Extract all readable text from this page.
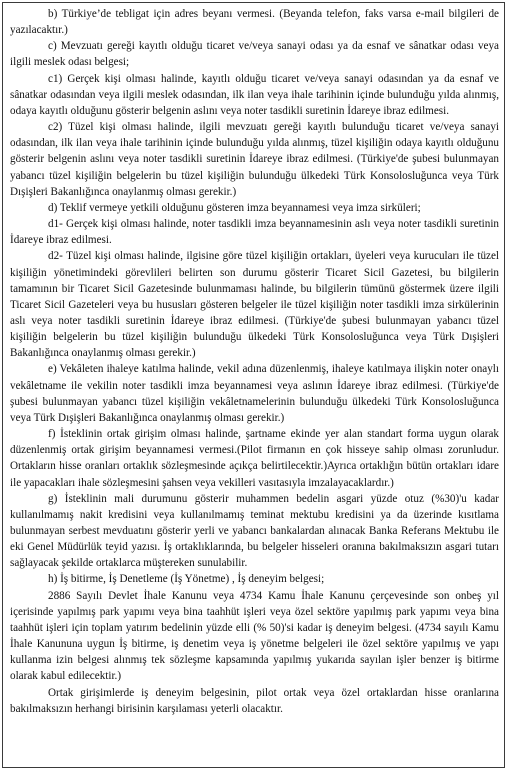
b) Türkiye’de tebligat için adres beyanı vermesi. (Beyanda telefon, faks varsa e-mail bilgileri de yazılacaktır.)

c) Mevzuatı gereği kayıtlı olduğu ticaret ve/veya sanayi odası ya da esnaf ve sânatkar odası veya ilgili meslek odası belgesi;

c1) Gerçek kişi olması halinde, kayıtlı olduğu ticaret ve/veya sanayi odasından ya da esnaf ve sânatkar odasından veya ilgili meslek odasından, ilk ilan veya ihale tarihinin içinde bulunduğu yılda alınmış, odaya kayıtlı olduğunu gösterir belgenin aslını veya noter tasdikli suretinin İdareye ibraz edilmesi.

c2) Tüzel kişi olması halinde, ilgili mevzuatı gereği kayıtlı bulunduğu ticaret ve/veya sanayi odasından, ilk ilan veya ihale tarihinin içinde bulunduğu yılda alınmış, tüzel kişiliğin odaya kayıtlı olduğunu gösterir belgenin aslını veya noter tasdikli suretinin İdareye ibraz edilmesi. (Türkiye'de şubesi bulunmayan yabancı tüzel kişiliğin belgelerin bu tüzel kişiliğin bulunduğu ülkedeki Türk Konsolosluğunca veya Türk Dışişleri Bakanlığınca onaylanmış olması gerekir.)

d) Teklif vermeye yetkili olduğunu gösteren imza beyannamesi veya imza sirküleri;

d1- Gerçek kişi olması halinde, noter tasdikli imza beyannamesinin aslı veya noter tasdikli suretinin İdareye ibraz edilmesi.

d2- Tüzel kişi olması halinde, ilgisine göre tüzel kişiliğin ortakları, üyeleri veya kurucuları ile tüzel kişiliğin yönetimindeki görevlileri belirten son durumu gösterir Ticaret Sicil Gazetesi, bu bilgilerin tamamının bir Ticaret Sicil Gazetesinde bulunmaması halinde, bu bilgilerin tümünü göstermek üzere ilgili Ticaret Sicil Gazeteleri veya bu hususları gösteren belgeler ile tüzel kişiliğin noter tasdikli imza sirkülerinin aslı veya noter tasdikli suretinin İdareye ibraz edilmesi. (Türkiye'de şubesi bulunmayan yabancı tüzel kişiliğin belgelerin bu tüzel kişiliğin bulunduğu ülkedeki Türk Konsolosluğunca veya Türk Dışişleri Bakanlığınca onaylanmış olması gerekir.)

e) Vekâleten ihaleye katılma halinde, vekil adına düzenlenmiş, ihaleye katılmaya ilişkin noter onaylı vekâletname ile vekilin noter tasdikli imza beyannamesi veya aslının İdareye ibraz edilmesi. (Türkiye'de şubesi bulunmayan yabancı tüzel kişiliğin vekâletnamelerinin bulunduğu ülkedeki Türk Konsolosluğunca veya Türk Dışişleri Bakanlığınca onaylanmış olması gerekir.)

f) İsteklinin ortak girişim olması halinde, şartname ekinde yer alan standart forma uygun olarak düzenlenmiş ortak girişim beyannamesi vermesi.(Pilot firmanın en çok hisseye sahip olması zorunludur. Ortakların hisse oranları ortaklık sözleşmesinde açıkça belirtilecektir.)Ayrıca ortaklığın bütün ortakları idare ile yapacakları ihale sözleşmesini şahsen veya vekilleri vasıtasıyla imzalayacaklardır.)

g) İsteklinin mali durumunu gösterir muhammen bedelin asgari yüzde otuz (%30)'u kadar kullanılmamış nakit kredisini veya kullanılmamış teminat mektubu kredisini ya da üzerinde kısıtlama bulunmayan serbest mevduatını gösterir yerli ve yabancı bankalardan alınacak Banka Referans Mektubu ile eki Genel Müdürlük teyid yazısı. İş ortaklıklarında, bu belgeler hisseleri oranına bakılmaksızın asgari tutarı sağlayacak şekilde ortaklarca müştereken sunulabilir.

h) İş bitirme, İş Denetleme (İş Yönetme) , İş deneyim belgesi;

2886 Sayılı Devlet İhale Kanunu veya 4734 Kamu İhale Kanunu çerçevesinde son onbeş yıl içerisinde yapılmış park yapımı veya bina taahhüt işleri veya özel sektöre yapılmış park yapımı veya bina taahhüt işleri için toplam yatırım bedelinin yüzde elli (% 50)'si kadar iş deneyim belgesi. (4734 sayılı Kamu İhale Kanununa uygun İş bitirme, iş denetim veya iş yönetme belgeleri ile özel sektöre yapılmış ve yapı kullanma izin belgesi alınmış tek sözleşme kapsamında yapılmış yukarıda sayılan işler benzer iş bitirme olarak kabul edilecektir.)

Ortak girişimlerde iş deneyim belgesinin, pilot ortak veya özel ortaklardan hisse oranlarına bakılmaksızın herhangi birisinin karşılaması yeterli olacaktır.
